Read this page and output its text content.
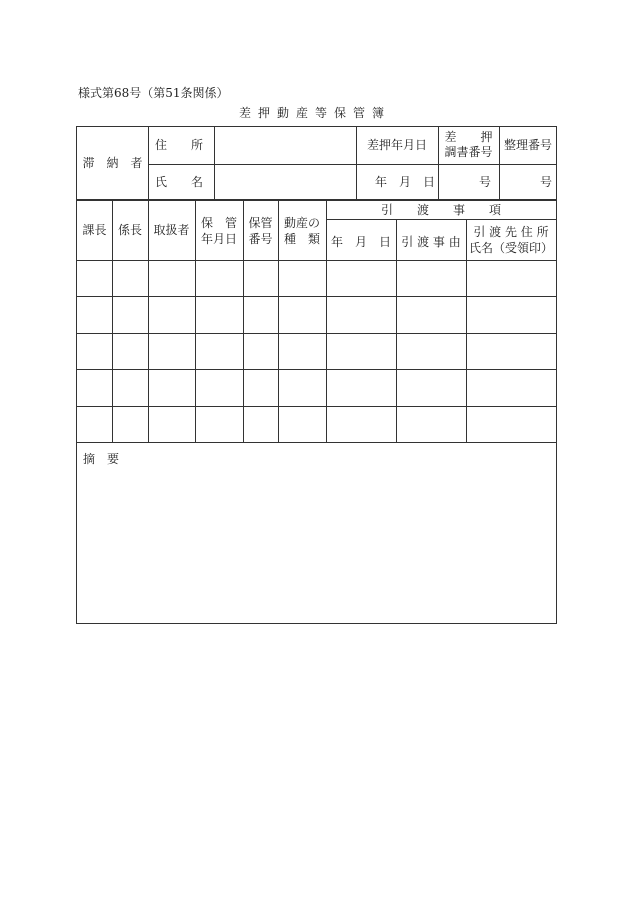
様式第68号（第51条関係）
差押動産等保管簿
滞　納　者
住　　所
氏　　名
差押年月日
差　　押
調書番号 整理番号
年　月　日	号	号
課長 係長 取扱者 保　管
年月日
保管
番号
動産の
種　類
引　　渡　　事　　項
年　月　日 引 渡 事 由
引 渡 先 住 所
氏名（受領印）
摘　要
